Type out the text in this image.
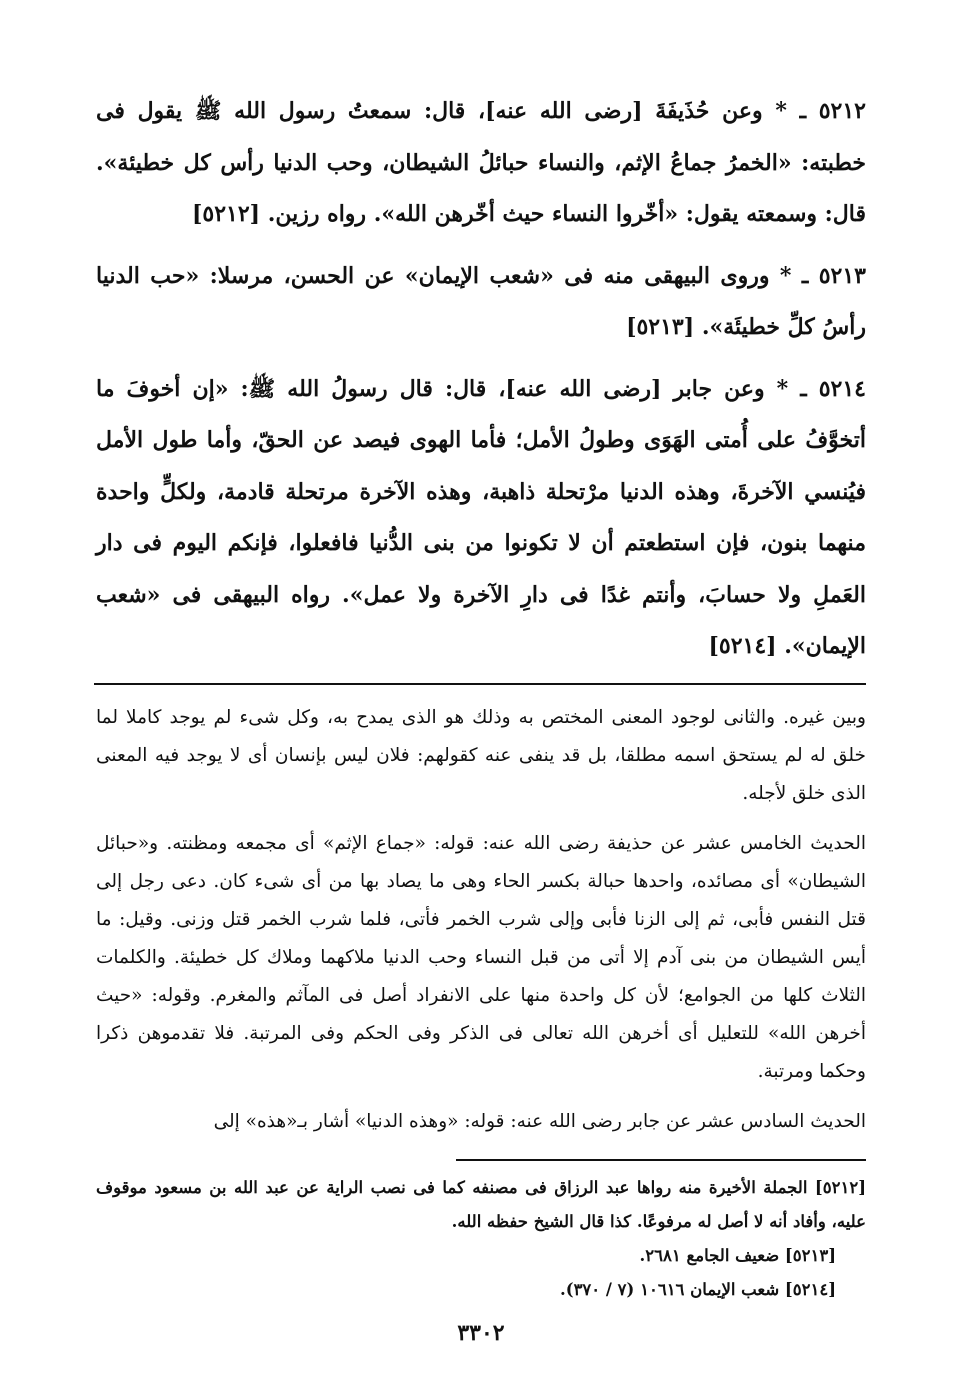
٥٢١٢ ـ * وعن حُذَيفَةَ [رضى الله عنه]، قال: سمعتُ رسول الله ﷺ يقول فى خطبته: «الخمرُ جماعُ الإثم، والنساء حبائلُ الشيطان، وحب الدنيا رأس كل خطيئة». قال: وسمعته يقول: «أخّروا النساء حيث أخّرهن الله». رواه رزين. [٥٢١٢]

٥٢١٣ ـ * وروى البيهقى منه فى «شعب الإيمان» عن الحسن، مرسلا: «حب الدنيا رأسُ كلِّ خطيئَة». [٥٢١٣]

٥٢١٤ ـ * وعن جابر [رضى الله عنه]، قال: قال رسولُ الله ﷺ: «إن أخوفَ ما أتخوَّفُ على أُمتى الهَوَى وطولُ الأمل؛ فأما الهوى فيصد عن الحقّ، وأما طول الأمل فيُنسي الآخرةَ، وهذه الدنيا مرْتحلة ذاهبة، وهذه الآخرة مرتحلة قادمة، ولكلٍّ واحدة منهما بنون، فإن استطعتم أن لا تكونوا من بنى الدُّنيا فافعلوا، فإنكم اليوم فى دار العَملِ ولا حسابَ، وأنتم غدًا فى دارِ الآخرة ولا عمل». رواه البيهقى فى «شعب الإيمان». [٥٢١٤]

وبين غيره. والثانى لوجود المعنى المختص به وذلك هو الذى يمدح به، وكل شىء لم يوجد كاملا لما خلق له لم يستحق اسمه مطلقا، بل قد ينفى عنه كقولهم: فلان ليس بإنسان أى لا يوجد فيه المعنى الذى خلق لأجله.

الحديث الخامس عشر عن حذيفة رضى الله عنه: قوله: «جماع الإثم» أى مجمعه ومظنته. و«حبائل الشيطان» أى مصائده، واحدها حبالة بكسر الحاء وهى ما يصاد بها من أى شىء كان. دعى رجل إلى قتل النفس فأبى، ثم إلى الزنا فأبى وإلى شرب الخمر فأتى، فلما شرب الخمر قتل وزنى. وقيل: ما أيس الشيطان من بنى آدم إلا أتى من قبل النساء وحب الدنيا ملاكهما وملاك كل خطيئة. والكلمات الثلاث كلها من الجوامع؛ لأن كل واحدة منها على الانفراد أصل فى المآثم والمغرم. وقوله: «حيث أخرهن الله» للتعليل أى أخرهن الله تعالى فى الذكر وفى الحكم وفى المرتبة. فلا تقدموهن ذكرا وحكما ومرتبة.

الحديث السادس عشر عن جابر رضى الله عنه: قوله: «وهذه الدنيا» أشار بـ«هذه» إلى

[٥٢١٢] الجملة الأخيرة منه رواها عبد الرزاق فى مصنفه كما فى نصب الراية عن عبد الله بن مسعود موقوف عليه، وأفاد أنه لا أصل له مرفوعًا. كذا قال الشيخ حفظه الله.

[٥٢١٣] ضعيف الجامع ٢٦٨١.

[٥٢١٤] شعب الإيمان ١٠٦١٦ (٧ / ٣٧٠).

٣٣٠٢
